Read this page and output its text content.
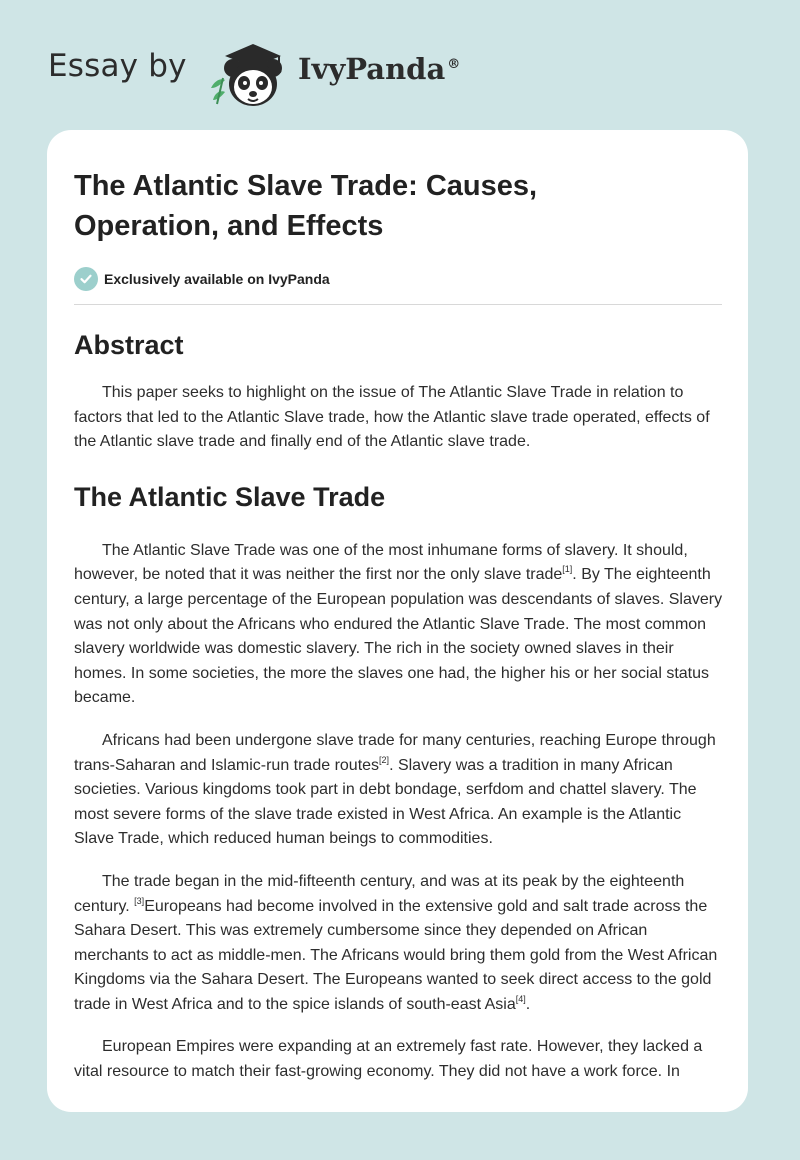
Essay by	IvyPanda ®
The Atlantic Slave Trade: Causes, Operation, and Effects
Exclusively available on IvyPanda
Abstract

This paper seeks to highlight on the issue of The Atlantic Slave Trade in relation to factors that led to the Atlantic Slave trade, how the Atlantic slave trade operated, effects of the Atlantic slave trade and finally end of the Atlantic slave trade.

The Atlantic Slave Trade

The Atlantic Slave Trade was one of the most inhumane forms of slavery. It should, however, be noted that it was neither the first nor the only slave trade[1]. By The eighteenth century, a large percentage of the European population was descendants of slaves. Slavery was not only about the Africans who endured the Atlantic Slave Trade. The most common slavery worldwide was domestic slavery. The rich in the society owned slaves in their homes. In some societies, the more the slaves one had, the higher his or her social status became.

Africans had been undergone slave trade for many centuries, reaching Europe through trans-Saharan and Islamic-run trade routes[2]. Slavery was a tradition in many African societies. Various kingdoms took part in debt bondage, serfdom and chattel slavery. The most severe forms of the slave trade existed in West Africa. An example is the Atlantic Slave Trade, which reduced human beings to commodities.

The trade began in the mid-fifteenth century, and was at its peak by the eighteenth century. [3]Europeans had become involved in the extensive gold and salt trade across the Sahara Desert. This was extremely cumbersome since they depended on African merchants to act as middle-men. The Africans would bring them gold from the West African Kingdoms via the Sahara Desert. The Europeans wanted to seek direct access to the gold trade in West Africa and to the spice islands of south-east Asia[4].

European Empires were expanding at an extremely fast rate. However, they lacked a vital resource to match their fast-growing economy. They did not have a work force. In
